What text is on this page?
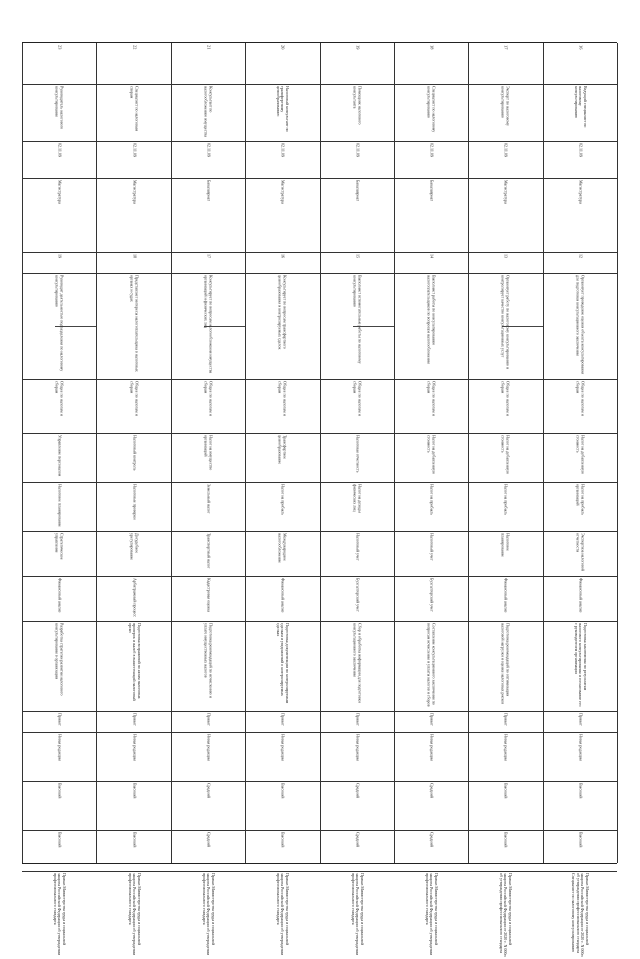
16
Ведущий специалист по налоговому консультированию
02.11.09
Магистратура
12
Организует проведение оценки объекта консультирования для подготовки консультационного заключения
Общее по налогам и сборам
Налог на добавленную стоимость
Налог на прибыль организаций
Экспертиза налоговой отчетности
Финансовый анализ
Подготовка заключения по результатам налогового консультирования и согласование его с руководителем организации
Принят
Новая редакция
Высокий
Высокий
Приказ Министерства труда и социальной защиты Российской Федерации от 2020 г. N 000н об утверждении профессионального стандарта Специалист по налоговому консультированию
17
Эксперт по налоговому консультированию
02.11.09
Магистратура
13
Организует работу по налоговому консультированию и контролирует качество консультационных услуг
Общее по налогам и сборам
Налог на добавленную стоимость
Налог на прибыль
Налоговое планирование
Финансовый анализ
Подготовка рекомендаций по оптимизации налоговой нагрузки и оценке налоговых рисков
Принят
Новая редакция
Высокий
Высокий
Приказ Министерства труда и социальной защиты Российской Федерации от 2020 г. N 000н об утверждении профессионального стандарта
18
Специалист по налоговому консультированию
02.11.09
Бакалавриат
14
Выполняет работы по консультированию налогоплательщиков по вопросам налогообложения
Общее по налогам и сборам
Налог на добавленную стоимость
Налог на прибыль
Налоговый учет
Бухгалтерский учет
Составление консультационного заключения по вопросам исчисления и уплаты налогов и сборов
Принят
Новая редакция
Средний
Средний
Приказ Министерства труда и социальной защиты Российской Федерации об утверждении профессионального стандарта
19
Помощник налогового консультанта
02.11.09
Бакалавриат
15
Выполняет вспомогательные работы по налоговому консультированию
Общее по налогам и сборам
Налоговая отчетность
Налог на доходы физических лиц
Налоговый учет
Бухгалтерский учет
Сбор и обработка информации для подготовки консультационного заключения
Принят
Новая редакция
Средний
Средний
Приказ Министерства труда и социальной защиты Российской Федерации об утверждении профессионального стандарта
20
Налоговый консультант по трансфертному ценообразованию
02.11.09
Магистратура
16
Консультирует по вопросам трансфертного ценообразования и контролируемых сделок
Общее по налогам и сборам
Трансфертное ценообразование
Налог на прибыль
Международное налогообложение
Финансовый анализ
Подготовка документации по контролируемым сделкам и уведомлений о контролируемых сделках
Принят
Новая редакция
Высокий
Высокий
Приказ Министерства труда и социальной защиты Российской Федерации об утверждении профессионального стандарта
21
Консультант по налогообложению имущества
02.11.09
Бакалавриат
17
Консультирует по вопросам налогообложения имущества организаций и физических лиц
Общее по налогам и сборам
Налог на имущество организаций
Земельный налог
Транспортный налог
Кадастровая оценка
Подготовка рекомендаций по исчислению и уплате имущественных налогов
Принят
Новая редакция
Средний
Средний
Приказ Министерства труда и социальной защиты Российской Федерации об утверждении профессионального стандарта
22
Специалист по налоговым спорам
02.11.09
Магистратура
18
Представляет интересы налогоплательщика в налоговых органах и судах
Общее по налогам и сборам
Налоговый контроль
Налоговые проверки
Досудебное урегулирование
Арбитражный процесс
Подготовка возражений по актам налоговых проверок и жалоб в вышестоящий налоговый орган
Принят
Новая редакция
Высокий
Высокий
Приказ Министерства труда и социальной защиты Российской Федерации об утверждении профессионального стандарта
23
Руководитель налогового консультирования
02.11.09
Магистратура
19
Руководит деятельностью подразделения по налоговому консультированию
Общее по налогам и сборам
Управление персоналом
Налоговое планирование
Стратегическое управление
Финансовый анализ
Разработка стратегии развития налогового консультирования в организации
Принят
Новая редакция
Высокий
Высокий
Приказ Министерства труда и социальной защиты Российской Федерации об утверждении профессионального стандарта
